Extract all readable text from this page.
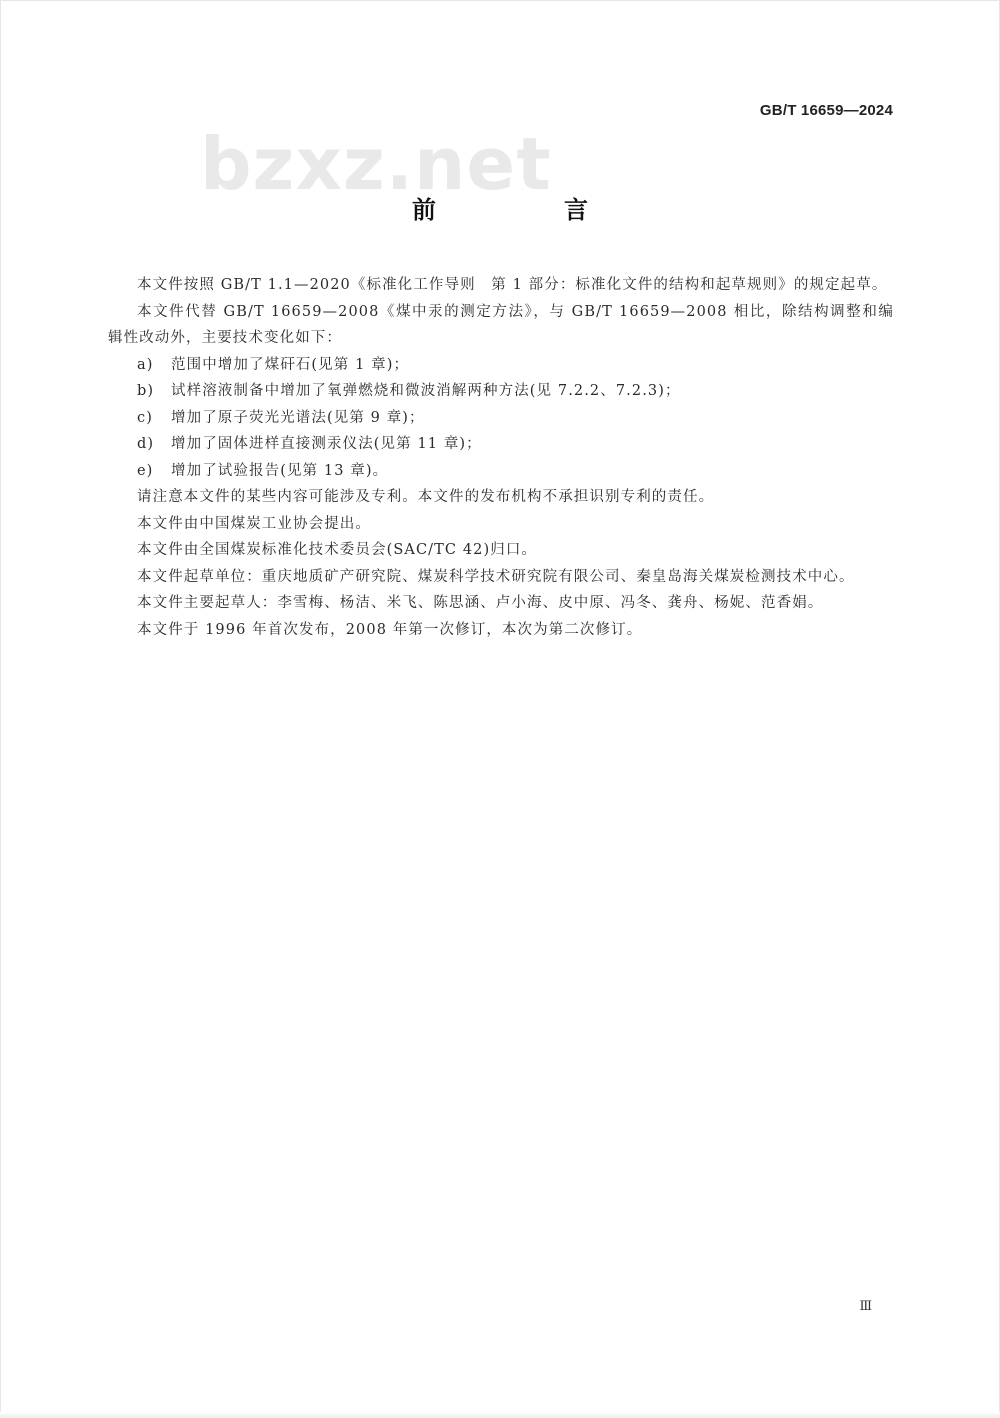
GB/T 16659—2024
bzxz.net
前　言

本文件按照 GB/T 1.1—2020《标准化工作导则　第 1 部分：标准化文件的结构和起草规则》的规定起草。

本文件代替 GB/T 16659—2008《煤中汞的测定方法》，与 GB/T 16659—2008 相比，除结构调整和编辑性改动外，主要技术变化如下：

a) 范围中增加了煤矸石(见第 1 章)；
b) 试样溶液制备中增加了氧弹燃烧和微波消解两种方法(见 7.2.2、7.2.3)；
c) 增加了原子荧光光谱法(见第 9 章)；
d) 增加了固体进样直接测汞仪法(见第 11 章)；
e) 增加了试验报告(见第 13 章)。

请注意本文件的某些内容可能涉及专利。本文件的发布机构不承担识别专利的责任。

本文件由中国煤炭工业协会提出。

本文件由全国煤炭标准化技术委员会(SAC/TC 42)归口。

本文件起草单位：重庆地质矿产研究院、煤炭科学技术研究院有限公司、秦皇岛海关煤炭检测技术中心。

本文件主要起草人：李雪梅、杨洁、米飞、陈思涵、卢小海、皮中原、冯冬、龚舟、杨妮、范香娟。

本文件于 1996 年首次发布，2008 年第一次修订，本次为第二次修订。

Ⅲ
